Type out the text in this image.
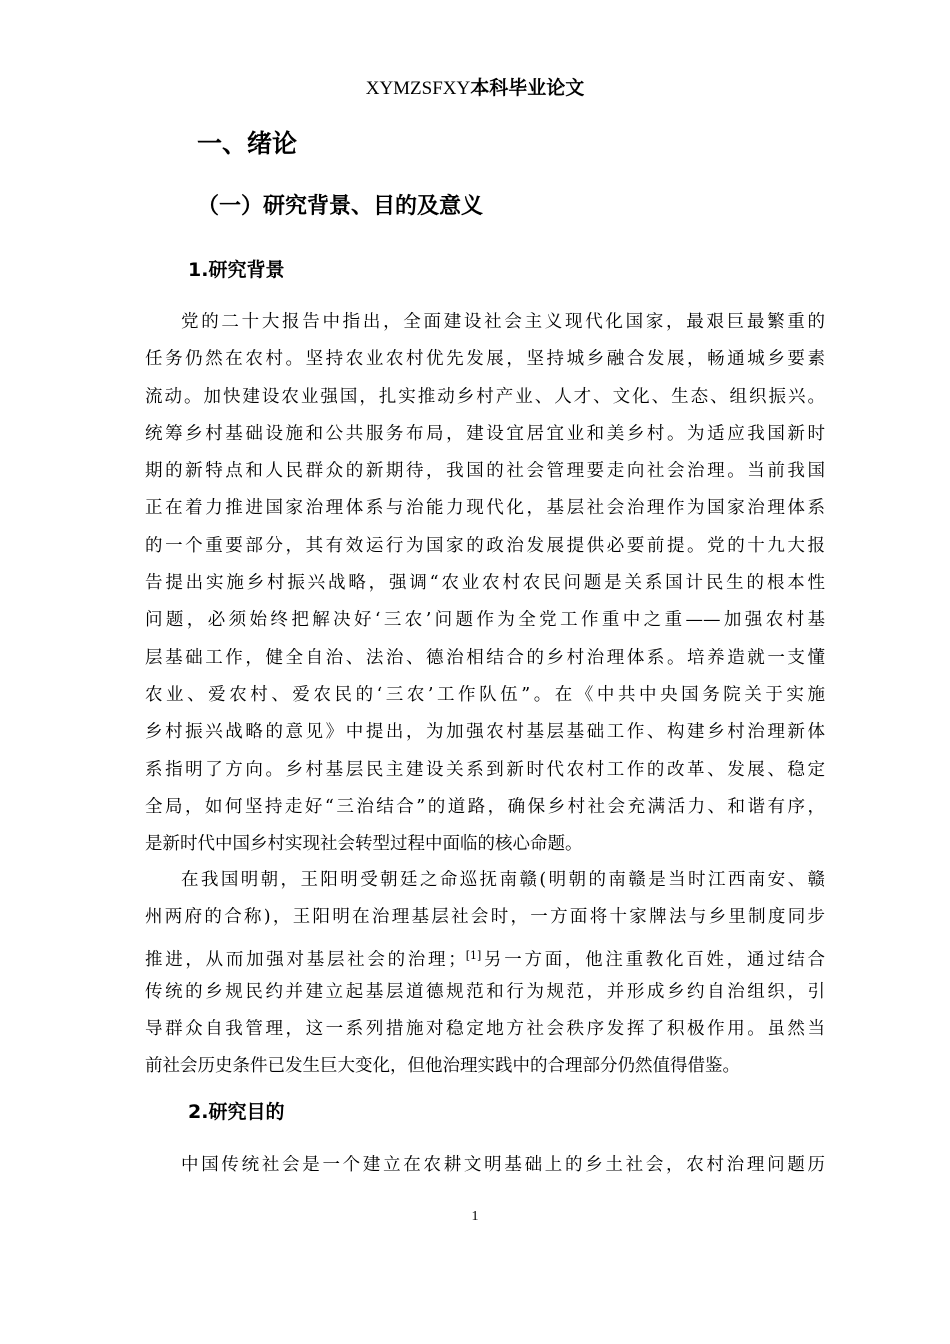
XYMZSFXY本科毕业论文
一、绪论
（一）研究背景、目的及意义
1.研究背景
党的二十大报告中指出，全面建设社会主义现代化国家，最艰巨最繁重的
任务仍然在农村。坚持农业农村优先发展，坚持城乡融合发展，畅通城乡要素
流动。加快建设农业强国，扎实推动乡村产业、人才、文化、生态、组织振兴。
统筹乡村基础设施和公共服务布局，建设宜居宜业和美乡村。为适应我国新时
期的新特点和人民群众的新期待，我国的社会管理要走向社会治理。当前我国
正在着力推进国家治理体系与治能力现代化，基层社会治理作为国家治理体系
的一个重要部分，其有效运行为国家的政治发展提供必要前提。党的十九大报
告提出实施乡村振兴战略，强调“农业农村农民问题是关系国计民生的根本性
问题，必须始终把解决好‘三农’问题作为全党工作重中之重——加强农村基
层基础工作，健全自治、法治、德治相结合的乡村治理体系。培养造就一支懂
农业、爱农村、爱农民的‘三农’工作队伍”。在《中共中央国务院关于实施
乡村振兴战略的意见》中提出，为加强农村基层基础工作、构建乡村治理新体
系指明了方向。乡村基层民主建设关系到新时代农村工作的改革、发展、稳定
全局，如何坚持走好“三治结合”的道路，确保乡村社会充满活力、和谐有序，
是新时代中国乡村实现社会转型过程中面临的核心命题。
在我国明朝，王阳明受朝廷之命巡抚南赣(明朝的南赣是当时江西南安、赣
州两府的合称)，王阳明在治理基层社会时，一方面将十家牌法与乡里制度同步
推进，从而加强对基层社会的治理；[1]另一方面，他注重教化百姓，通过结合
传统的乡规民约并建立起基层道德规范和行为规范，并形成乡约自治组织，引
导群众自我管理，这一系列措施对稳定地方社会秩序发挥了积极作用。虽然当
前社会历史条件已发生巨大变化，但他治理实践中的合理部分仍然值得借鉴。
2.研究目的
中国传统社会是一个建立在农耕文明基础上的乡土社会，农村治理问题历
1
